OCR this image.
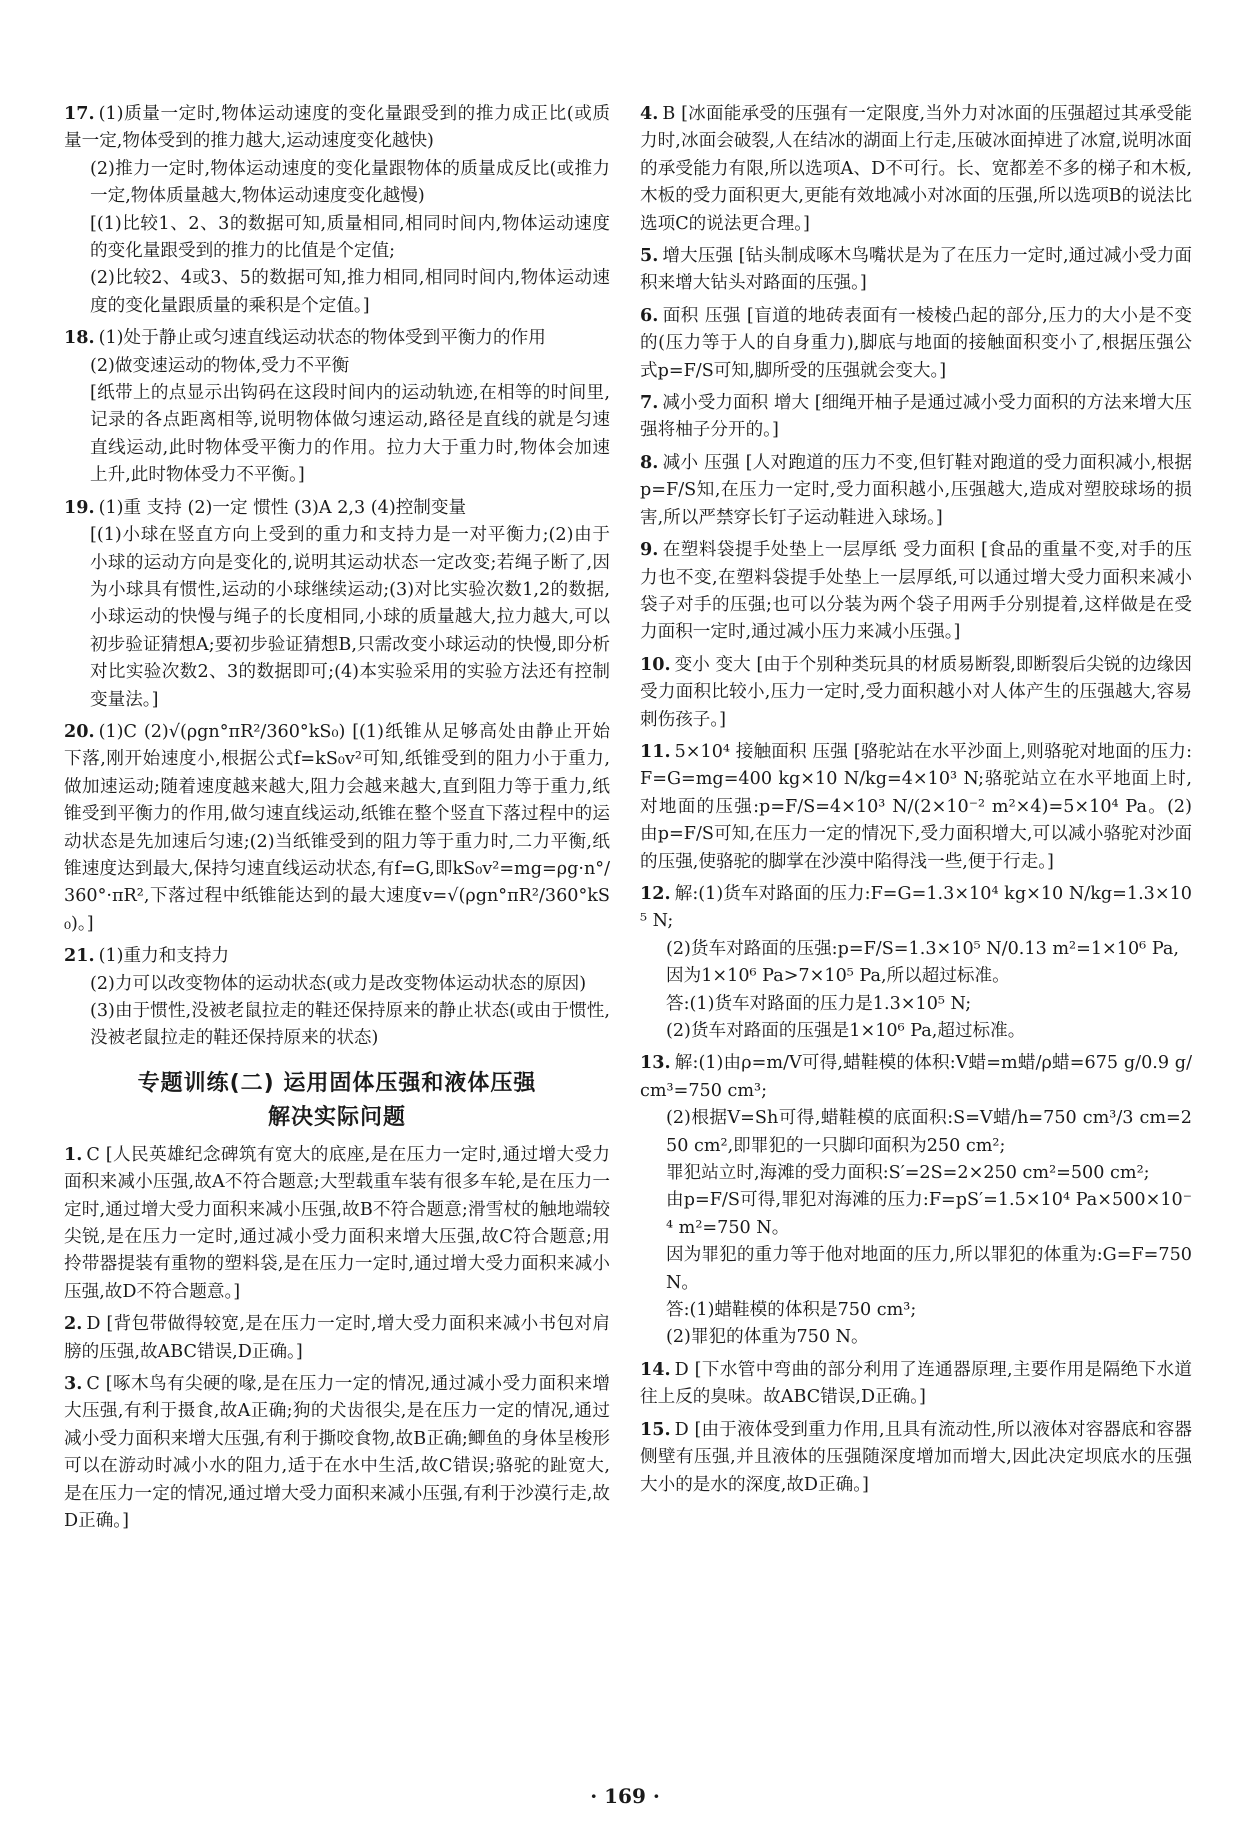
17. (1)质量一定时,物体运动速度的变化量跟受到的推力成正比(或质量一定,物体受到的推力越大,运动速度变化越快)
(2)推力一定时,物体运动速度的变化量跟物体的质量成反比(或推力一定,物体质量越大,物体运动速度变化越慢)
[(1)比较1、2、3的数据可知,质量相同,相同时间内,物体运动速度的变化量跟受到的推力的比值是个定值;
(2)比较2、4或3、5的数据可知,推力相同,相同时间内,物体运动速度的变化量跟质量的乘积是个定值。]
18. (1)处于静止或匀速直线运动状态的物体受到平衡力的作用
(2)做变速运动的物体,受力不平衡
[纸带上的点显示出钩码在这段时间内的运动轨迹,在相等的时间里,记录的各点距离相等,说明物体做匀速运动,路径是直线的就是匀速直线运动,此时物体受平衡力的作用。拉力大于重力时,物体会加速上升,此时物体受力不平衡。]
19. (1)重 支持 (2)一定 惯性 (3)A 2,3 (4)控制变量
[(1)小球在竖直方向上受到的重力和支持力是一对平衡力;(2)由于小球的运动方向是变化的,说明其运动状态一定改变;若绳子断了,因为小球具有惯性,运动的小球继续运动;(3)对比实验次数1,2的数据,小球运动的快慢与绳子的长度相同,小球的质量越大,拉力越大,可以初步验证猜想A;要初步验证猜想B,只需改变小球运动的快慢,即分析对比实验次数2、3的数据即可;(4)本实验采用的实验方法还有控制变量法。]
20. (1)C (2)√(ρgn°πR²/360°kS₀) [(1)纸锥从足够高处由静止开始下落,刚开始速度小,根据公式f=kS₀v²可知,纸锥受到的阻力小于重力,做加速运动;随着速度越来越大,阻力会越来越大,直到阻力等于重力,纸锥受到平衡力的作用,做匀速直线运动,纸锥在整个竖直下落过程中的运动状态是先加速后匀速;(2)当纸锥受到的阻力等于重力时,二力平衡,纸锥速度达到最大,保持匀速直线运动状态,有f=G,即kS₀v²=mg=ρg·n°/360°·πR²,下落过程中纸锥能达到的最大速度v=√(ρgn°πR²/360°kS₀)。]
21. (1)重力和支持力
(2)力可以改变物体的运动状态(或力是改变物体运动状态的原因)
(3)由于惯性,没被老鼠拉走的鞋还保持原来的静止状态(或由于惯性,没被老鼠拉走的鞋还保持原来的状态)
专题训练(二) 运用固体压强和液体压强
解决实际问题
1. C [人民英雄纪念碑筑有宽大的底座,是在压力一定时,通过增大受力面积来减小压强,故A不符合题意;大型载重车装有很多车轮,是在压力一定时,通过增大受力面积来减小压强,故B不符合题意;滑雪杖的触地端较尖锐,是在压力一定时,通过减小受力面积来增大压强,故C符合题意;用拎带器提装有重物的塑料袋,是在压力一定时,通过增大受力面积来减小压强,故D不符合题意。]
2. D [背包带做得较宽,是在压力一定时,增大受力面积来减小书包对肩膀的压强,故ABC错误,D正确。]
3. C [啄木鸟有尖硬的喙,是在压力一定的情况,通过减小受力面积来增大压强,有利于摄食,故A正确;狗的犬齿很尖,是在压力一定的情况,通过减小受力面积来增大压强,有利于撕咬食物,故B正确;鲫鱼的身体呈梭形可以在游动时减小水的阻力,适于在水中生活,故C错误;骆驼的趾宽大,是在压力一定的情况,通过增大受力面积来减小压强,有利于沙漠行走,故D正确。]
4. B [冰面能承受的压强有一定限度,当外力对冰面的压强超过其承受能力时,冰面会破裂,人在结冰的湖面上行走,压破冰面掉进了冰窟,说明冰面的承受能力有限,所以选项A、D不可行。长、宽都差不多的梯子和木板,木板的受力面积更大,更能有效地减小对冰面的压强,所以选项B的说法比选项C的说法更合理。]
5. 增大压强 [钻头制成啄木鸟嘴状是为了在压力一定时,通过减小受力面积来增大钻头对路面的压强。]
6. 面积 压强 [盲道的地砖表面有一棱棱凸起的部分,压力的大小是不变的(压力等于人的自身重力),脚底与地面的接触面积变小了,根据压强公式p=F/S可知,脚所受的压强就会变大。]
7. 减小受力面积 增大 [细绳开柚子是通过减小受力面积的方法来增大压强将柚子分开的。]
8. 减小 压强 [人对跑道的压力不变,但钉鞋对跑道的受力面积减小,根据p=F/S知,在压力一定时,受力面积越小,压强越大,造成对塑胶球场的损害,所以严禁穿长钉子运动鞋进入球场。]
9. 在塑料袋提手处垫上一层厚纸 受力面积 [食品的重量不变,对手的压力也不变,在塑料袋提手处垫上一层厚纸,可以通过增大受力面积来减小袋子对手的压强;也可以分装为两个袋子用两手分别提着,这样做是在受力面积一定时,通过减小压力来减小压强。]
10. 变小 变大 [由于个别种类玩具的材质易断裂,即断裂后尖锐的边缘因受力面积比较小,压力一定时,受力面积越小对人体产生的压强越大,容易刺伤孩子。]
11. 5×10⁴ 接触面积 压强 [骆驼站在水平沙面上,则骆驼对地面的压力:F=G=mg=400 kg×10 N/kg=4×10³ N;骆驼站立在水平地面上时,对地面的压强:p=F/S=4×10³ N/(2×10⁻² m²×4)=5×10⁴ Pa。(2)由p=F/S可知,在压力一定的情况下,受力面积增大,可以减小骆驼对沙面的压强,使骆驼的脚掌在沙漠中陷得浅一些,便于行走。]
12. 解:(1)货车对路面的压力:F=G=1.3×10⁴ kg×10 N/kg=1.3×10⁵ N;
(2)货车对路面的压强:p=F/S=1.3×10⁵ N/0.13 m²=1×10⁶ Pa,
因为1×10⁶ Pa>7×10⁵ Pa,所以超过标准。
答:(1)货车对路面的压力是1.3×10⁵ N;
(2)货车对路面的压强是1×10⁶ Pa,超过标准。
13. 解:(1)由ρ=m/V可得,蜡鞋模的体积:V蜡=m蜡/ρ蜡=675 g/0.9 g/cm³=750 cm³;
(2)根据V=Sh可得,蜡鞋模的底面积:S=V蜡/h=750 cm³/3 cm=250 cm²,即罪犯的一只脚印面积为250 cm²;
罪犯站立时,海滩的受力面积:S′=2S=2×250 cm²=500 cm²;
由p=F/S可得,罪犯对海滩的压力:F=pS′=1.5×10⁴ Pa×500×10⁻⁴ m²=750 N。
因为罪犯的重力等于他对地面的压力,所以罪犯的体重为:G=F=750 N。
答:(1)蜡鞋模的体积是750 cm³;
(2)罪犯的体重为750 N。
14. D [下水管中弯曲的部分利用了连通器原理,主要作用是隔绝下水道往上反的臭味。故ABC错误,D正确。]
15. D [由于液体受到重力作用,且具有流动性,所以液体对容器底和容器侧壁有压强,并且液体的压强随深度增加而增大,因此决定坝底水的压强大小的是水的深度,故D正确。]
· 169 ·
